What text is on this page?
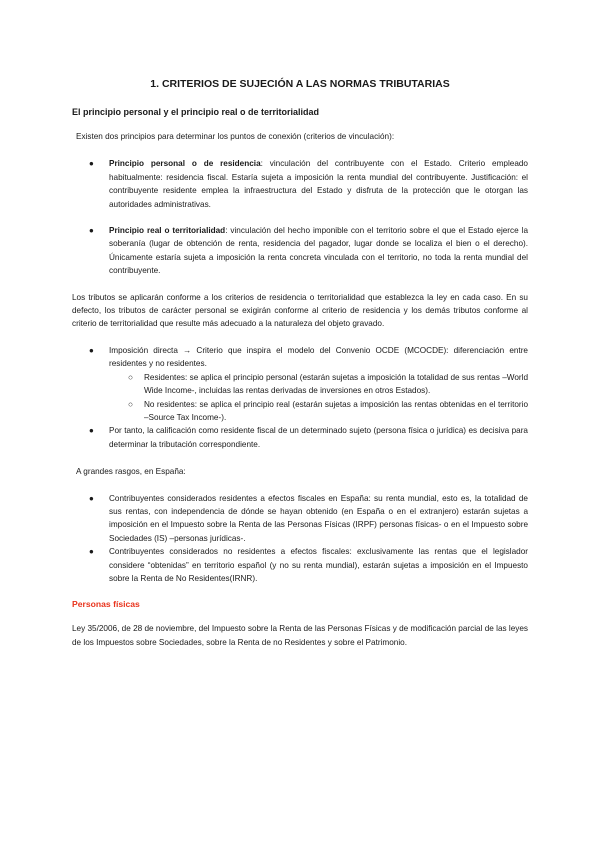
1. CRITERIOS DE SUJECIÓN A LAS NORMAS TRIBUTARIAS
El principio personal y el principio real o de territorialidad

Existen dos principios para determinar los puntos de conexión (criterios de vinculación):

● Principio personal o de residencia: vinculación del contribuyente con el Estado. Criterio empleado habitualmente: residencia fiscal. Estaría sujeta a imposición la renta mundial del contribuyente. Justificación: el contribuyente residente emplea la infraestructura del Estado y disfruta de la protección que le otorgan las autoridades administrativas.
● Principio real o territorialidad: vinculación del hecho imponible con el territorio sobre el que el Estado ejerce la soberanía (lugar de obtención de renta, residencia del pagador, lugar donde se localiza el bien o el derecho). Únicamente estaría sujeta a imposición la renta concreta vinculada con el territorio, no toda la renta mundial del contribuyente.

Los tributos se aplicarán conforme a los criterios de residencia o territorialidad que establezca la ley en cada caso. En su defecto, los tributos de carácter personal se exigirán conforme al criterio de residencia y los demás tributos conforme al criterio de territorialidad que resulte más adecuado a la naturaleza del objeto gravado.

● Imposición directa → Criterio que inspira el modelo del Convenio OCDE (MCOCDE): diferenciación entre residentes y no residentes.
○ Residentes: se aplica el principio personal (estarán sujetas a imposición la totalidad de sus rentas –World Wide Income-, incluidas las rentas derivadas de inversiones en otros Estados).
○ No residentes: se aplica el principio real (estarán sujetas a imposición las rentas obtenidas en el territorio –Source Tax Income-).
● Por tanto, la calificación como residente fiscal de un determinado sujeto (persona física o jurídica) es decisiva para determinar la tributación correspondiente.

A grandes rasgos, en España:

● Contribuyentes considerados residentes a efectos fiscales en España: su renta mundial, esto es, la totalidad de sus rentas, con independencia de dónde se hayan obtenido (en España o en el extranjero) estarán sujetas a imposición en el Impuesto sobre la Renta de las Personas Físicas (IRPF) personas físicas- o en el Impuesto sobre Sociedades (IS) –personas jurídicas-.
● Contribuyentes considerados no residentes a efectos fiscales: exclusivamente las rentas que el legislador considere “obtenidas” en territorio español (y no su renta mundial), estarán sujetas a imposición en el Impuesto sobre la Renta de No Residentes(IRNR).
Personas físicas

Ley 35/2006, de 28 de noviembre, del Impuesto sobre la Renta de las Personas Físicas y de modificación parcial de las leyes de los Impuestos sobre Sociedades, sobre la Renta de no Residentes y sobre el Patrimonio.
